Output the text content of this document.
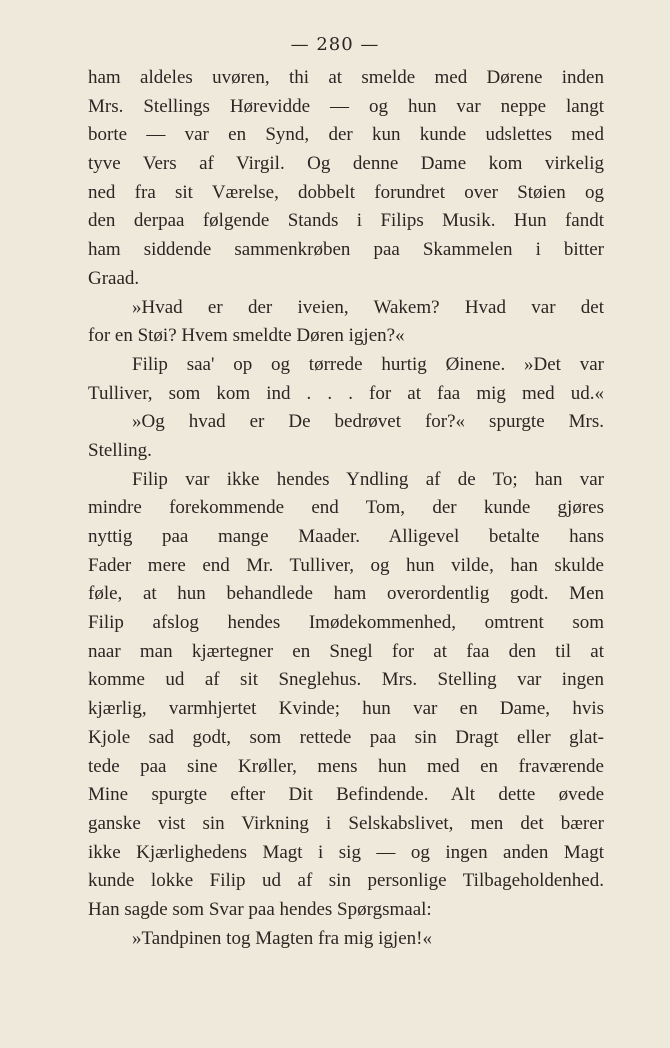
— 280 —
ham aldeles uvøren, thi at smelde med Dørene inden
Mrs. Stellings Hørevidde — og hun var neppe langt
borte — var en Synd, der kun kunde udslettes med
tyve Vers af Virgil. Og denne Dame kom virkelig
ned fra sit Værelse, dobbelt forundret over Støien og
den derpaa følgende Stands i Filips Musik. Hun fandt
ham siddende sammenkrøben paa Skammelen i bitter
Graad.
»Hvad er der iveien, Wakem? Hvad var det
for en Støi? Hvem smeldte Døren igjen?«
Filip saa' op og tørrede hurtig Øinene. »Det var
Tulliver, som kom ind . . . for at faa mig med ud.«
»Og hvad er De bedrøvet for?« spurgte Mrs.
Stelling.
Filip var ikke hendes Yndling af de To; han var
mindre forekommende end Tom, der kunde gjøres
nyttig paa mange Maader. Alligevel betalte hans
Fader mere end Mr. Tulliver, og hun vilde, han skulde
føle, at hun behandlede ham overordentlig godt. Men
Filip afslog hendes Imødekommenhed, omtrent som
naar man kjærtegner en Snegl for at faa den til at
komme ud af sit Sneglehus. Mrs. Stelling var ingen
kjærlig, varmhjertet Kvinde; hun var en Dame, hvis
Kjole sad godt, som rettede paa sin Dragt eller glat-
tede paa sine Krøller, mens hun med en fraværende
Mine spurgte efter Dit Befindende. Alt dette øvede
ganske vist sin Virkning i Selskabslivet, men det bærer
ikke Kjærlighedens Magt i sig — og ingen anden Magt
kunde lokke Filip ud af sin personlige Tilbageholdenhed.
Han sagde som Svar paa hendes Spørgsmaal:
»Tandpinen tog Magten fra mig igjen!«
